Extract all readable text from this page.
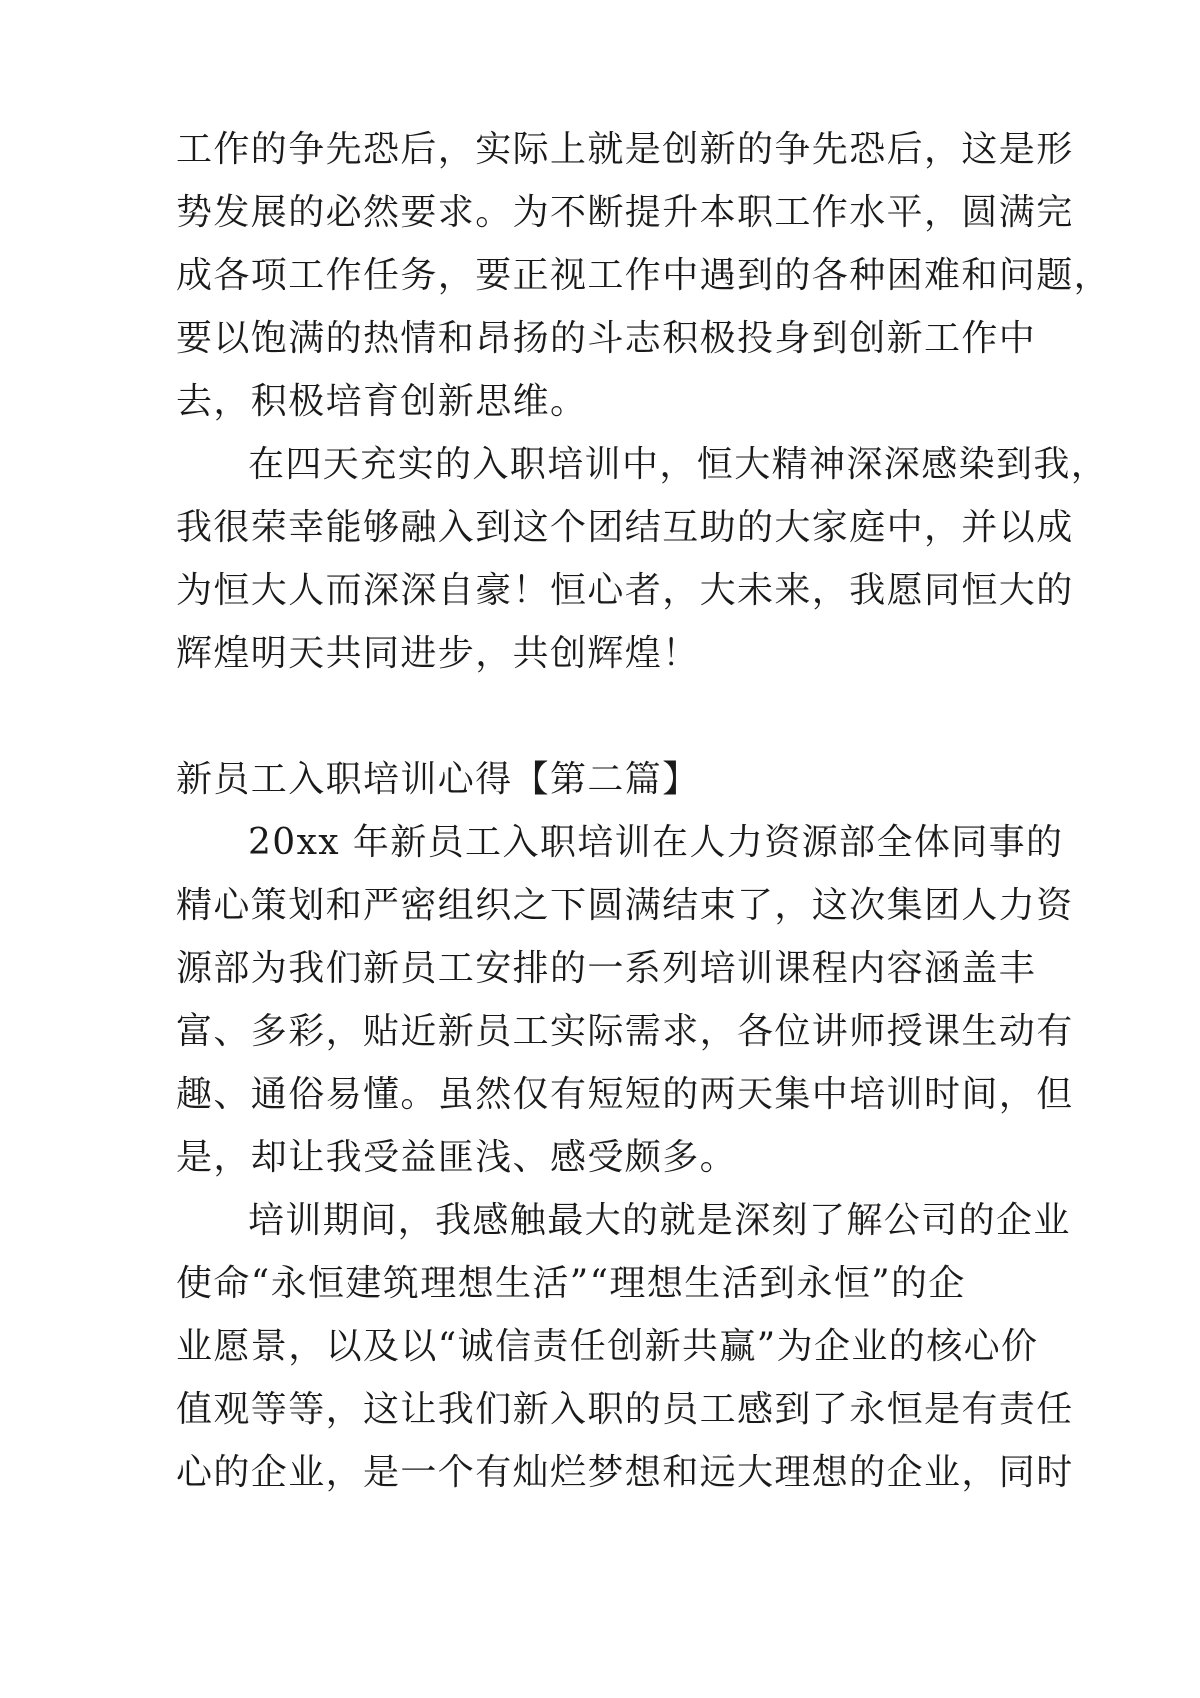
工作的争先恐后，实际上就是创新的争先恐后，这是形
势发展的必然要求。为不断提升本职工作水平，圆满完
成各项工作任务，要正视工作中遇到的各种困难和问题，
要以饱满的热情和昂扬的斗志积极投身到创新工作中
去，积极培育创新思维。
在四天充实的入职培训中，恒大精神深深感染到我，
我很荣幸能够融入到这个团结互助的大家庭中，并以成
为恒大人而深深自豪！恒心者，大未来，我愿同恒大的
辉煌明天共同进步，共创辉煌！
新员工入职培训心得【第二篇】
20xx 年新员工入职培训在人力资源部全体同事的
精心策划和严密组织之下圆满结束了，这次集团人力资
源部为我们新员工安排的一系列培训课程内容涵盖丰
富、多彩，贴近新员工实际需求，各位讲师授课生动有
趣、通俗易懂。虽然仅有短短的两天集中培训时间，但
是，却让我受益匪浅、感受颇多。
培训期间，我感触最大的就是深刻了解公司的企业
使命“永恒建筑理想生活”“理想生活到永恒”的企
业愿景，以及以“诚信责任创新共赢”为企业的核心价
值观等等，这让我们新入职的员工感到了永恒是有责任
心的企业，是一个有灿烂梦想和远大理想的企业，同时
